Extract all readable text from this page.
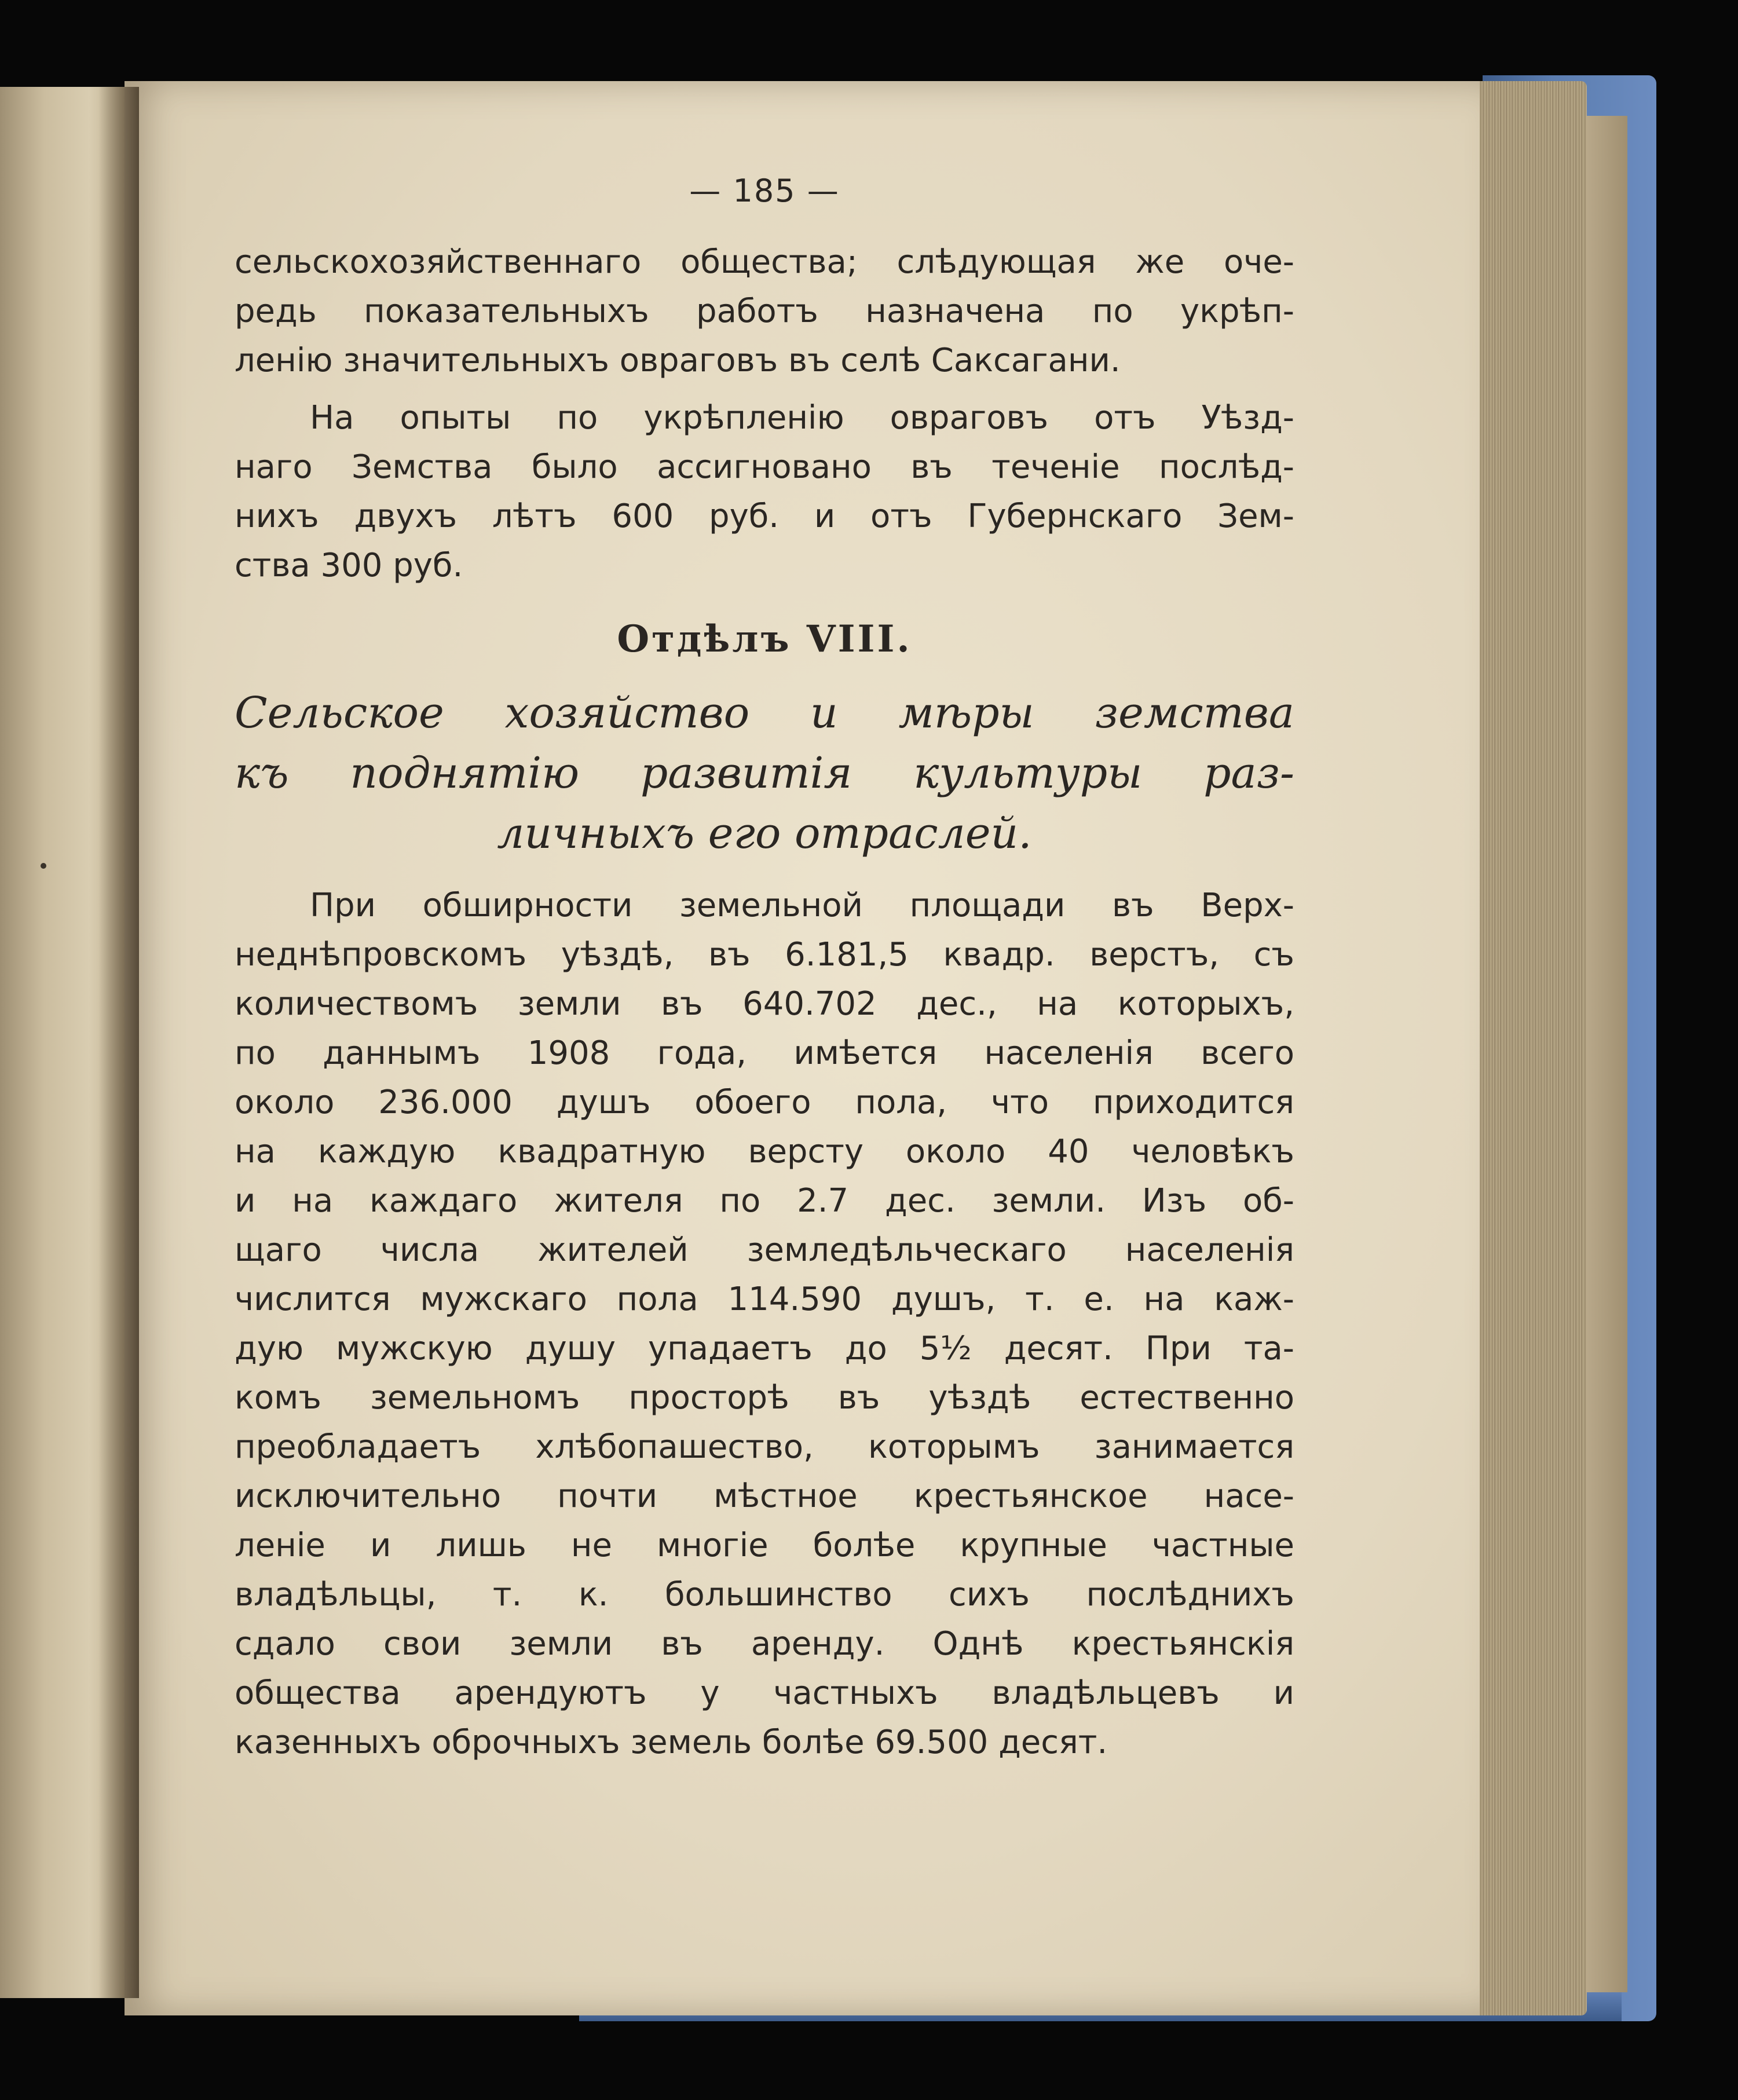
— 185 —

сельскохозяйственнаго общества; слѣдующая же оче-
редь показательныхъ работъ назначена по укрѣп-
ленію значительныхъ овраговъ въ селѣ Саксагани.

На опыты по укрѣпленію овраговъ отъ Уѣзд-
наго Земства было ассигновано въ теченіе послѣд-
нихъ двухъ лѣтъ 600 руб. и отъ Губернскаго Зем-
ства 300 руб.

Отдѣлъ VIII.
Сельское хозяйство и мѣры земства
къ поднятію развитія культуры раз-
личныхъ его отраслей.

При обширности земельной площади въ Верх-
неднѣпровскомъ уѣздѣ, въ 6.181,5 квадр. верстъ, съ
количествомъ земли въ 640.702 дес., на которыхъ,
по даннымъ 1908 года, имѣется населенія всего
около 236.000 душъ обоего пола, что приходится
на каждую квадратную версту около 40 человѣкъ
и на каждаго жителя по 2.7 дес. земли. Изъ об-
щаго числа жителей земледѣльческаго населенія
числится мужскаго пола 114.590 душъ, т. е. на каж-
дую мужскую душу упадаетъ до 5½ десят. При та-
комъ земельномъ просторѣ въ уѣздѣ естественно
преобладаетъ хлѣбопашество, которымъ занимается
исключительно почти мѣстное крестьянское насе-
леніе и лишь не многіе болѣе крупные частные
владѣльцы, т. к. большинство сихъ послѣднихъ
сдало свои земли въ аренду. Однѣ крестьянскія
общества арендуютъ у частныхъ владѣльцевъ и
казенныхъ оброчныхъ земель болѣе 69.500 десят.
